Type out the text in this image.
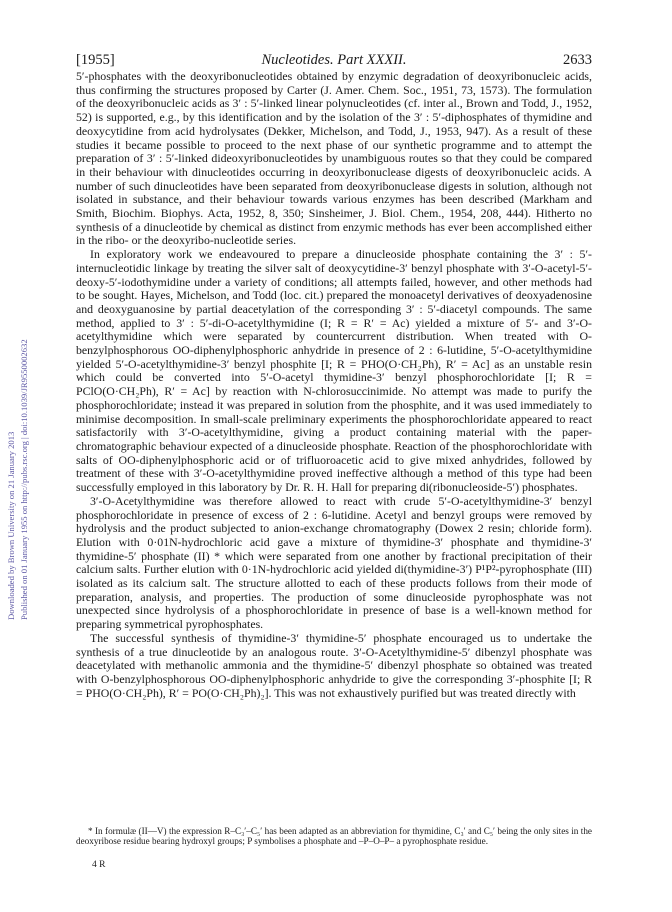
Downloaded by Brown University on 21 January 2013 Published on 01 January 1955 on http://pubs.rsc.org | doi:10.1039/JR9550002632
[1955]	Nucleotides. Part XXXII.	2633

5′-phosphates with the deoxyribonucleotides obtained by enzymic degradation of deoxyribonucleic acids, thus confirming the structures proposed by Carter (J. Amer. Chem. Soc., 1951, 73, 1573). The formulation of the deoxyribonucleic acids as 3′ : 5′-linked linear polynucleotides (cf. inter al., Brown and Todd, J., 1952, 52) is supported, e.g., by this identification and by the isolation of the 3′ : 5′-diphosphates of thymidine and deoxycytidine from acid hydrolysates (Dekker, Michelson, and Todd, J., 1953, 947). As a result of these studies it became possible to proceed to the next phase of our synthetic programme and to attempt the preparation of 3′ : 5′-linked dideoxyribonucleotides by unambiguous routes so that they could be compared in their behaviour with dinucleotides occurring in deoxyribonuclease digests of deoxyribonucleic acids. A number of such dinucleotides have been separated from deoxyribonuclease digests in solution, although not isolated in substance, and their behaviour towards various enzymes has been described (Markham and Smith, Biochim. Biophys. Acta, 1952, 8, 350; Sinsheimer, J. Biol. Chem., 1954, 208, 444). Hitherto no synthesis of a dinucleotide by chemical as distinct from enzymic methods has ever been accomplished either in the ribo- or the deoxyribo-nucleotide series.

In exploratory work we endeavoured to prepare a dinucleoside phosphate containing the 3′ : 5′-internucleotidic linkage by treating the silver salt of deoxycytidine-3′ benzyl phosphate with 3′-O-acetyl-5′-deoxy-5′-iodothymidine under a variety of conditions; all attempts failed, however, and other methods had to be sought. Hayes, Michelson, and Todd (loc. cit.) prepared the monoacetyl derivatives of deoxyadenosine and deoxyguanosine by partial deacetylation of the corresponding 3′ : 5′-diacetyl compounds. The same method, applied to 3′ : 5′-di-O-acetylthymidine (I; R = R′ = Ac) yielded a mixture of 5′- and 3′-O-acetylthymidine which were separated by countercurrent distribution. When treated with O-benzylphosphorous OO-diphenylphosphoric anhydride in presence of 2 : 6-lutidine, 5′-O-acetylthymidine yielded 5′-O-acetylthymidine-3′ benzyl phosphite [I; R = PHO(O·CH₂Ph), R′ = Ac] as an unstable resin which could be converted into 5′-O-acetyl thymidine-3′ benzyl phosphorochloridate [I; R = PClO(O·CH₂Ph), R′ = Ac] by reaction with N-chlorosuccinimide. No attempt was made to purify the phosphorochloridate; instead it was prepared in solution from the phosphite, and it was used immediately to minimise decomposition. In small-scale preliminary experiments the phosphorochloridate appeared to react satisfactorily with 3′-O-acetylthymidine, giving a product containing material with the paper-chromatographic behaviour expected of a dinucleoside phosphate. Reaction of the phosphorochloridate with salts of OO-diphenylphosphoric acid or of trifluoroacetic acid to give mixed anhydrides, followed by treatment of these with 3′-O-acetylthymidine proved ineffective although a method of this type had been successfully employed in this laboratory by Dr. R. H. Hall for preparing di(ribonucleoside-5′) phosphates.

3′-O-Acetylthymidine was therefore allowed to react with crude 5′-O-acetylthymidine-3′ benzyl phosphorochloridate in presence of excess of 2 : 6-lutidine. Acetyl and benzyl groups were removed by hydrolysis and the product subjected to anion-exchange chromatography (Dowex 2 resin; chloride form). Elution with 0·01N-hydrochloric acid gave a mixture of thymidine-3′ phosphate and thymidine-3′ thymidine-5′ phosphate (II) * which were separated from one another by fractional precipitation of their calcium salts. Further elution with 0·1N-hydrochloric acid yielded di(thymidine-3′) P¹P²-pyrophosphate (III) isolated as its calcium salt. The structure allotted to each of these products follows from their mode of preparation, analysis, and properties. The production of some dinucleoside pyrophosphate was not unexpected since hydrolysis of a phosphorochloridate in presence of base is a well-known method for preparing symmetrical pyrophosphates.

The successful synthesis of thymidine-3′ thymidine-5′ phosphate encouraged us to undertake the synthesis of a true dinucleotide by an analogous route. 3′-O-Acetylthymidine-5′ dibenzyl phosphate was deacetylated with methanolic ammonia and the thymidine-5′ dibenzyl phosphate so obtained was treated with O-benzylphosphorous OO-diphenylphosphoric anhydride to give the corresponding 3′-phosphite [I; R = PHO(O·CH₂Ph), R′ = PO(O·CH₂Ph)₂]. This was not exhaustively purified but was treated directly with

* In formulæ (II—V) the expression R–C₃′–C₅′ has been adapted as an abbreviation for thymidine, C₃′ and C₅′ being the only sites in the deoxyribose residue bearing hydroxyl groups; P symbolises a phosphate and –P–O–P– a pyrophosphate residue.

4 R
